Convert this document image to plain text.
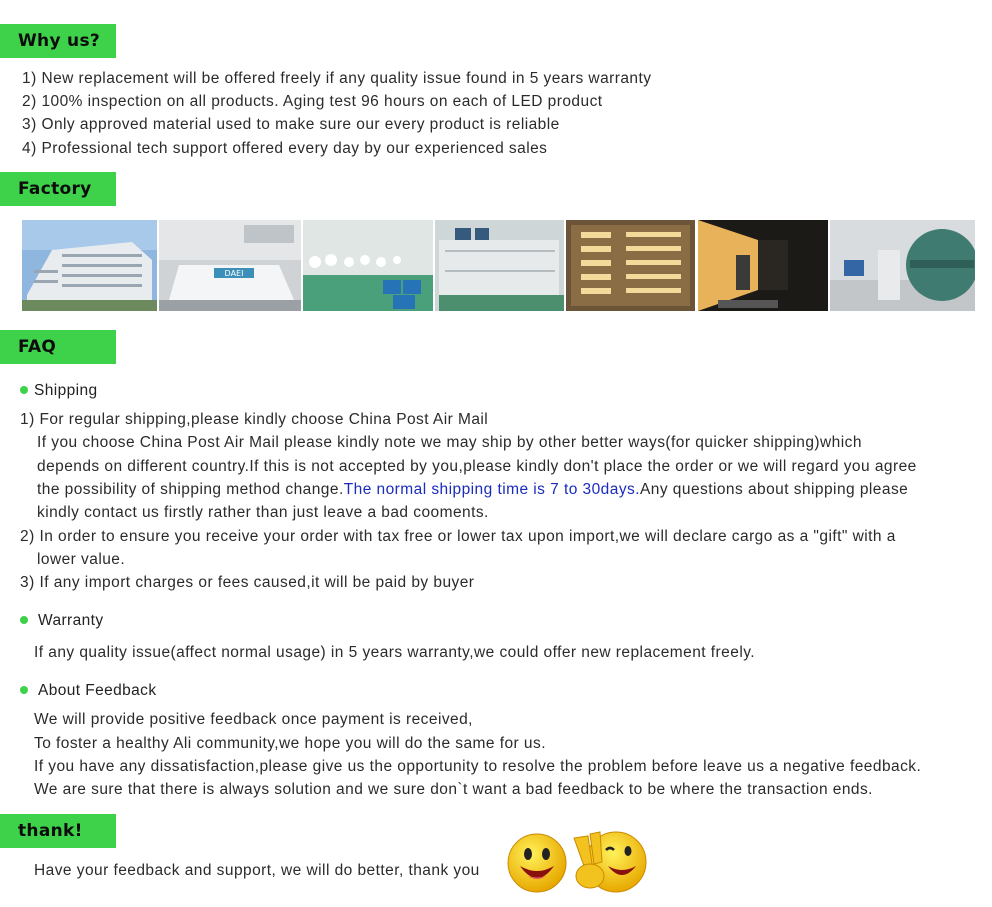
Why us?
1) New replacement will be offered freely if any quality issue found in 5 years warranty
2) 100% inspection on all products. Aging test 96 hours on each of LED product
3) Only approved material used to make sure our every product is reliable
4) Professional tech support offered every day by our experienced sales
Factory
DAEI
FAQ
Shipping
1) For regular shipping,please kindly choose China Post Air Mail
If you choose China Post Air Mail please kindly note we may ship by other better ways(for quicker shipping)which
depends on different country.If this is not accepted by you,please kindly don't place the order or we will regard you agree
the possibility of shipping method change.The normal shipping time is 7 to 30days.Any questions about shipping please
kindly contact us firstly rather than just leave a bad cooments.
2) In order to ensure you receive your order with tax free or lower tax upon import,we will declare cargo as a "gift" with a
lower value.
3) If any import charges or fees caused,it will be paid by buyer
Warranty
If any quality issue(affect normal usage) in 5 years warranty,we could offer new replacement freely.
About Feedback
We will provide positive feedback once payment is received,
To foster a healthy Ali community,we hope you will do the same for us.
If you have any dissatisfaction,please give us the opportunity to resolve the problem before leave us a negative feedback.
We are sure that there is always solution and we sure don`t want a bad feedback to be where the transaction ends.
thank!
Have your feedback and support, we will do better, thank you
